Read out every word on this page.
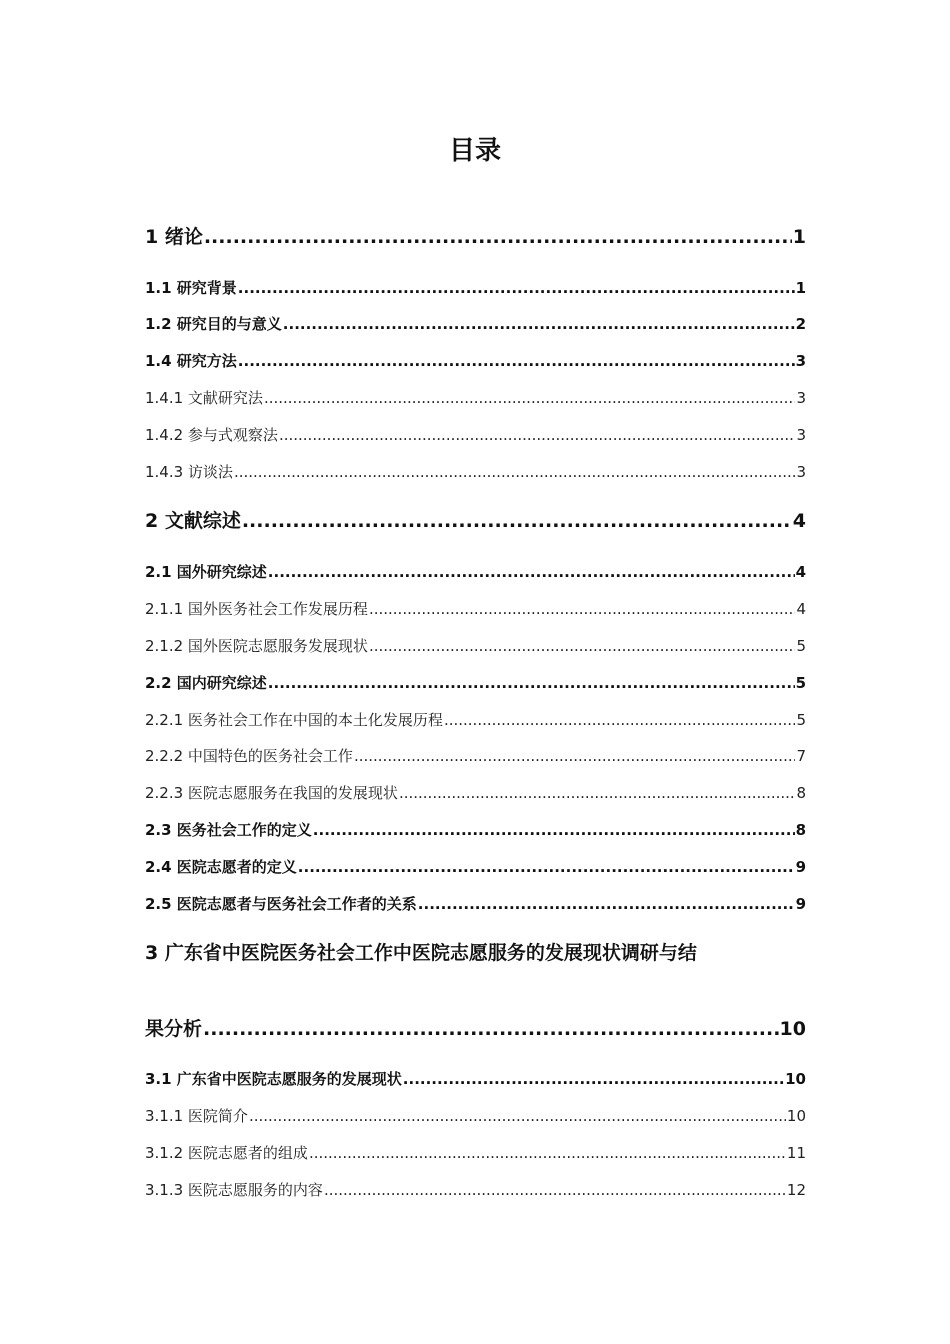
目录
1 绪论 .....	1
1.1 研究背景 .....	1
1.2 研究目的与意义 .....	2
1.4 研究方法 .....	3
1.4.1 文献研究法 .....	3
1.4.2 参与式观察法 .....	3
1.4.3 访谈法 .....	3
2 文献综述 .....	4
2.1 国外研究综述 .....	4
2.1.1 国外医务社会工作发展历程 .....	4
2.1.2 国外医院志愿服务发展现状 .....	5
2.2 国内研究综述 .....	5
2.2.1 医务社会工作在中国的本土化发展历程 .....	5
2.2.2 中国特色的医务社会工作 .....	7
2.2.3 医院志愿服务在我国的发展现状 .....	8
2.3 医务社会工作的定义 .....	8
2.4 医院志愿者的定义 .....	9
2.5 医院志愿者与医务社会工作者的关系 .....	9
3 广东省中医院医务社会工作中医院志愿服务的发展现状调研与结
果分析 .....	10
3.1 广东省中医院志愿服务的发展现状 .....	10
3.1.1 医院简介 .....	10
3.1.2 医院志愿者的组成 .....	11
3.1.3 医院志愿服务的内容 .....	12
